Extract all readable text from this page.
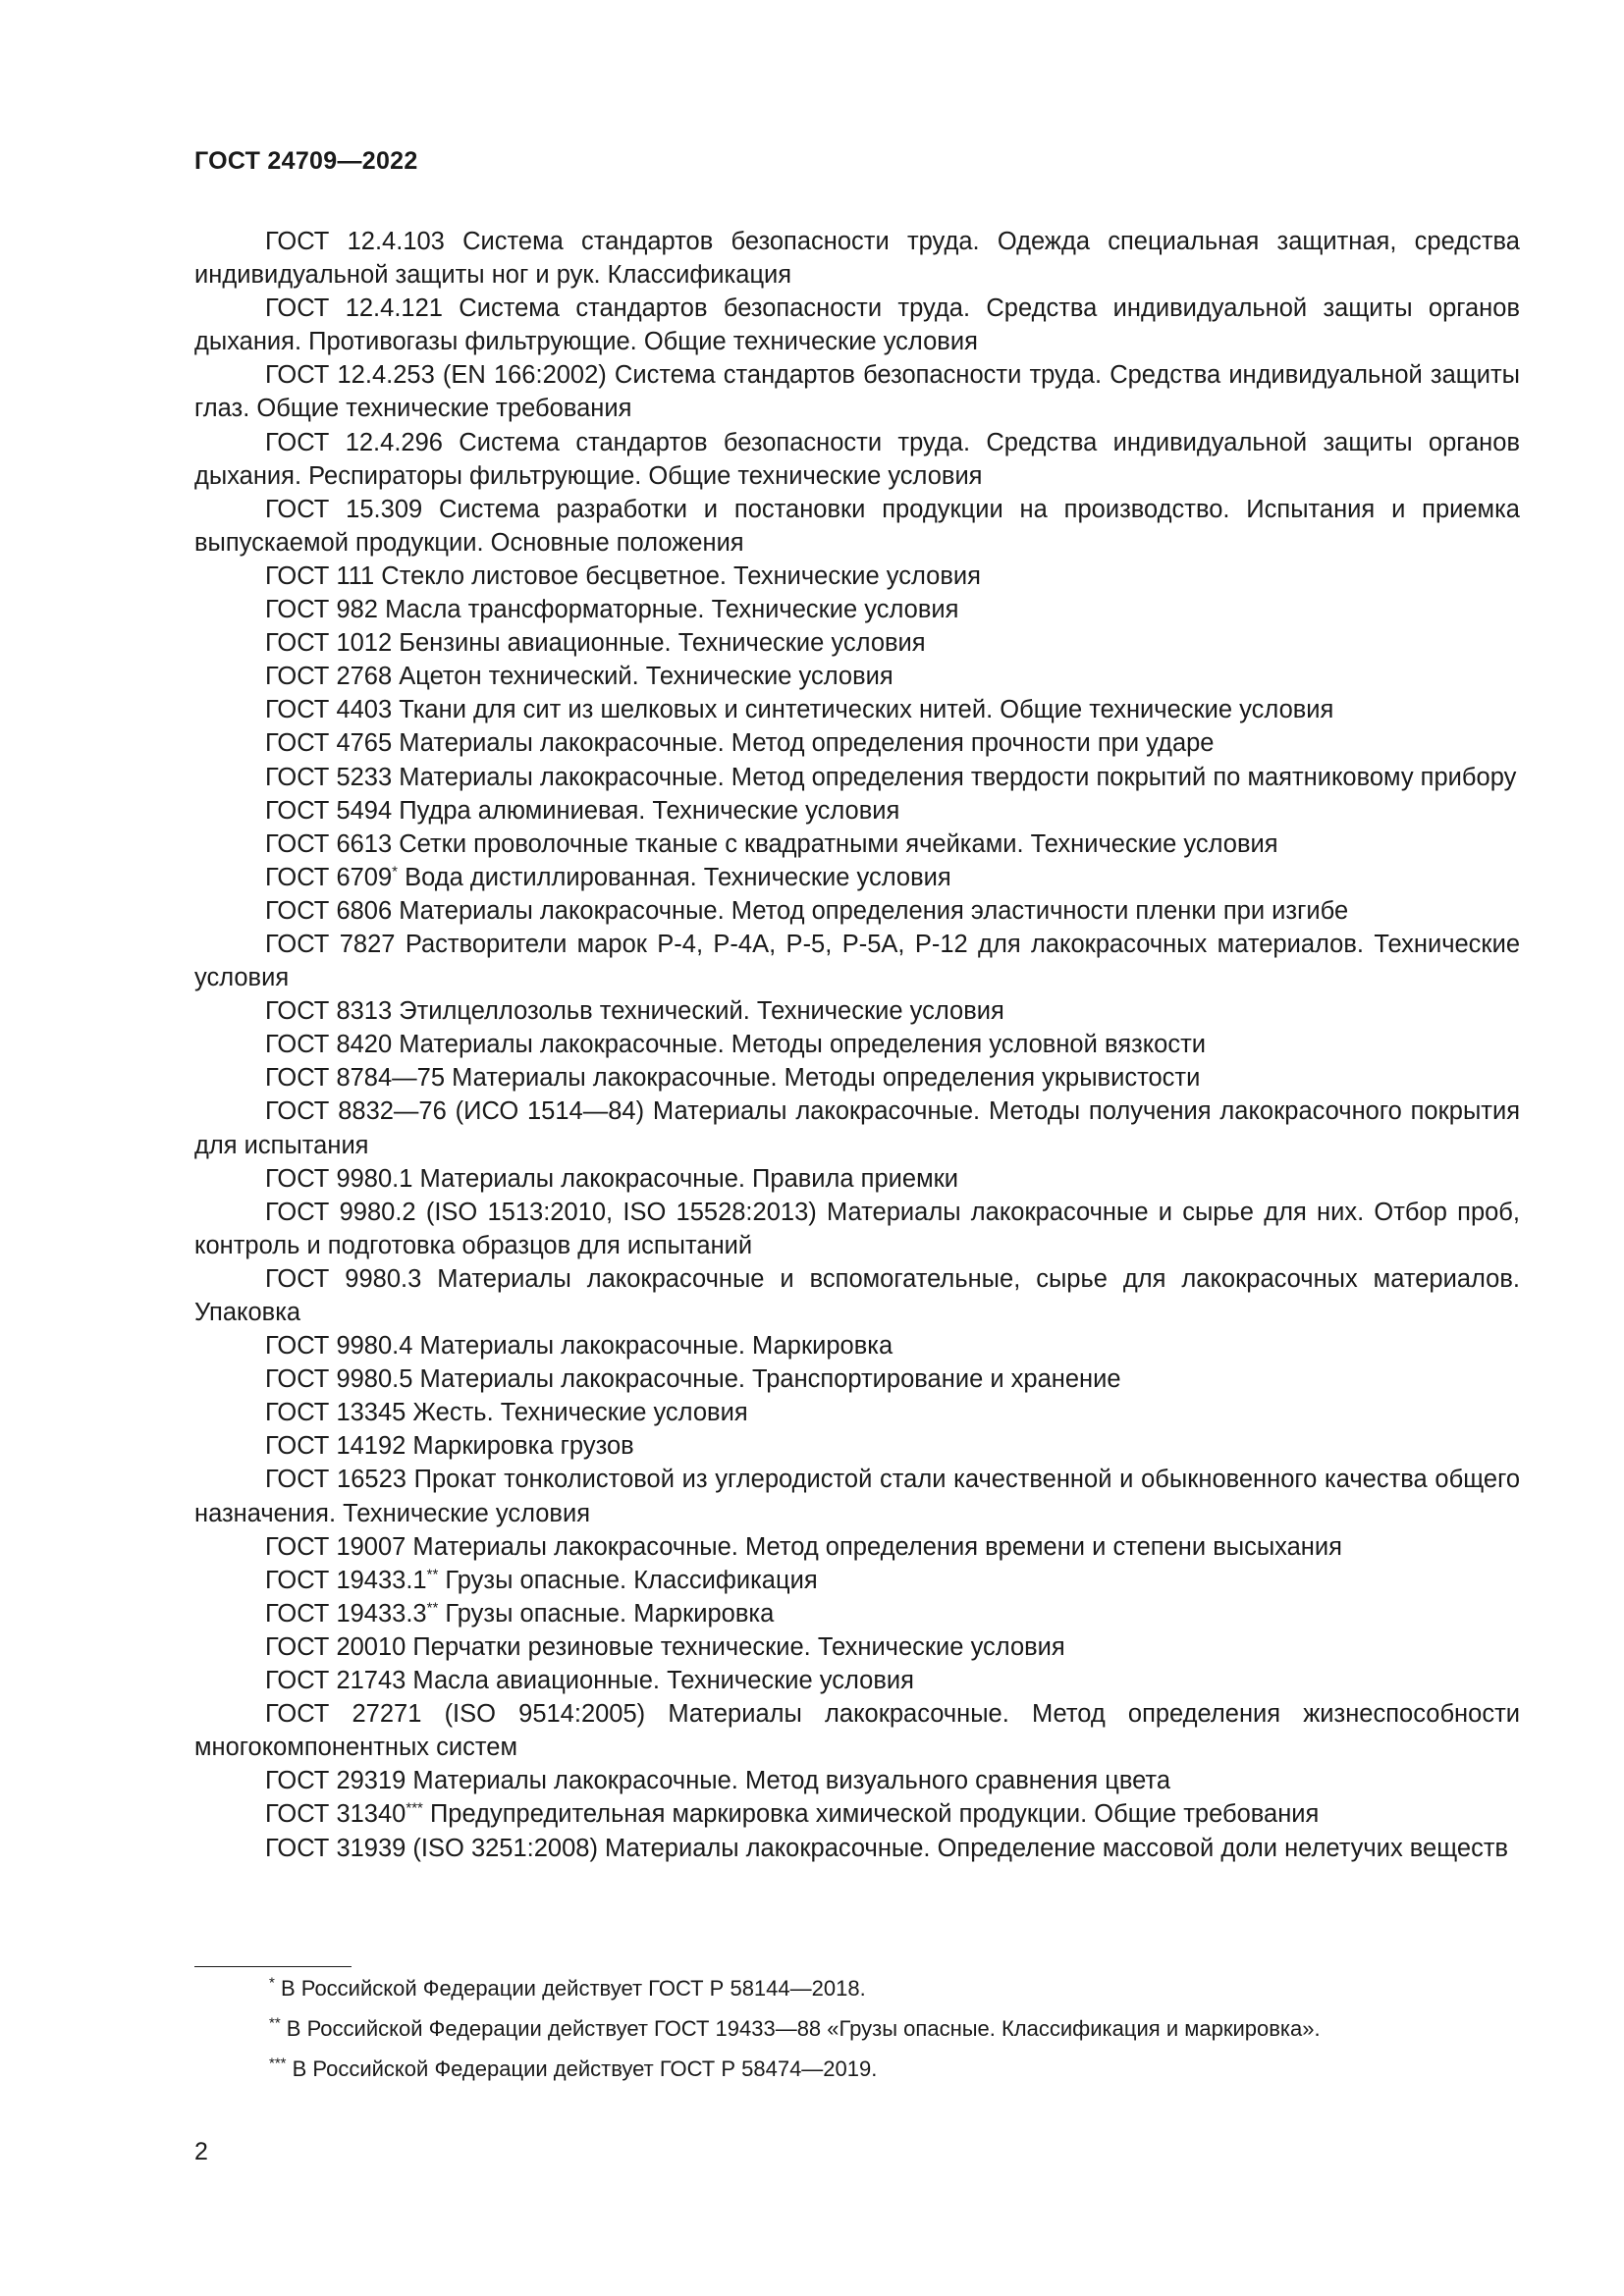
ГОСТ 24709—2022

ГОСТ 12.4.103 Система стандартов безопасности труда. Одежда специальная защитная, средства индивидуальной защиты ног и рук. Классификация

ГОСТ 12.4.121 Система стандартов безопасности труда. Средства индивидуальной защиты органов дыхания. Противогазы фильтрующие. Общие технические условия

ГОСТ 12.4.253 (EN 166:2002) Система стандартов безопасности труда. Средства индивидуальной защиты глаз. Общие технические требования

ГОСТ 12.4.296 Система стандартов безопасности труда. Средства индивидуальной защиты органов дыхания. Респираторы фильтрующие. Общие технические условия

ГОСТ 15.309 Система разработки и постановки продукции на производство. Испытания и приемка выпускаемой продукции. Основные положения

ГОСТ 111 Стекло листовое бесцветное. Технические условия

ГОСТ 982 Масла трансформаторные. Технические условия

ГОСТ 1012 Бензины авиационные. Технические условия

ГОСТ 2768 Ацетон технический. Технические условия

ГОСТ 4403 Ткани для сит из шелковых и синтетических нитей. Общие технические условия

ГОСТ 4765 Материалы лакокрасочные. Метод определения прочности при ударе

ГОСТ 5233 Материалы лакокрасочные. Метод определения твердости покрытий по маятниковому прибору

ГОСТ 5494 Пудра алюминиевая. Технические условия

ГОСТ 6613 Сетки проволочные тканые с квадратными ячейками. Технические условия

ГОСТ 6709* Вода дистиллированная. Технические условия

ГОСТ 6806 Материалы лакокрасочные. Метод определения эластичности пленки при изгибе

ГОСТ 7827 Растворители марок Р-4, Р-4А, Р-5, Р-5А, Р-12 для лакокрасочных материалов. Технические условия

ГОСТ 8313 Этилцеллозольв технический. Технические условия

ГОСТ 8420 Материалы лакокрасочные. Методы определения условной вязкости

ГОСТ 8784—75 Материалы лакокрасочные. Методы определения укрывистости

ГОСТ 8832—76 (ИСО 1514—84) Материалы лакокрасочные. Методы получения лакокрасочного покрытия для испытания

ГОСТ 9980.1 Материалы лакокрасочные. Правила приемки

ГОСТ 9980.2 (ISO 1513:2010, ISO 15528:2013) Материалы лакокрасочные и сырье для них. Отбор проб, контроль и подготовка образцов для испытаний

ГОСТ 9980.3 Материалы лакокрасочные и вспомогательные, сырье для лакокрасочных материалов. Упаковка

ГОСТ 9980.4 Материалы лакокрасочные. Маркировка

ГОСТ 9980.5 Материалы лакокрасочные. Транспортирование и хранение

ГОСТ 13345 Жесть. Технические условия

ГОСТ 14192 Маркировка грузов

ГОСТ 16523 Прокат тонколистовой из углеродистой стали качественной и обыкновенного качества общего назначения. Технические условия

ГОСТ 19007 Материалы лакокрасочные. Метод определения времени и степени высыхания

ГОСТ 19433.1** Грузы опасные. Классификация

ГОСТ 19433.3** Грузы опасные. Маркировка

ГОСТ 20010 Перчатки резиновые технические. Технические условия

ГОСТ 21743 Масла авиационные. Технические условия

ГОСТ 27271 (ISO 9514:2005) Материалы лакокрасочные. Метод определения жизнеспособности многокомпонентных систем

ГОСТ 29319 Материалы лакокрасочные. Метод визуального сравнения цвета

ГОСТ 31340*** Предупредительная маркировка химической продукции. Общие требования

ГОСТ 31939 (ISO 3251:2008) Материалы лакокрасочные. Определение массовой доли нелетучих веществ

* В Российской Федерации действует ГОСТ Р 58144—2018.

** В Российской Федерации действует ГОСТ 19433—88 «Грузы опасные. Классификация и маркировка».

*** В Российской Федерации действует ГОСТ Р 58474—2019.

2
